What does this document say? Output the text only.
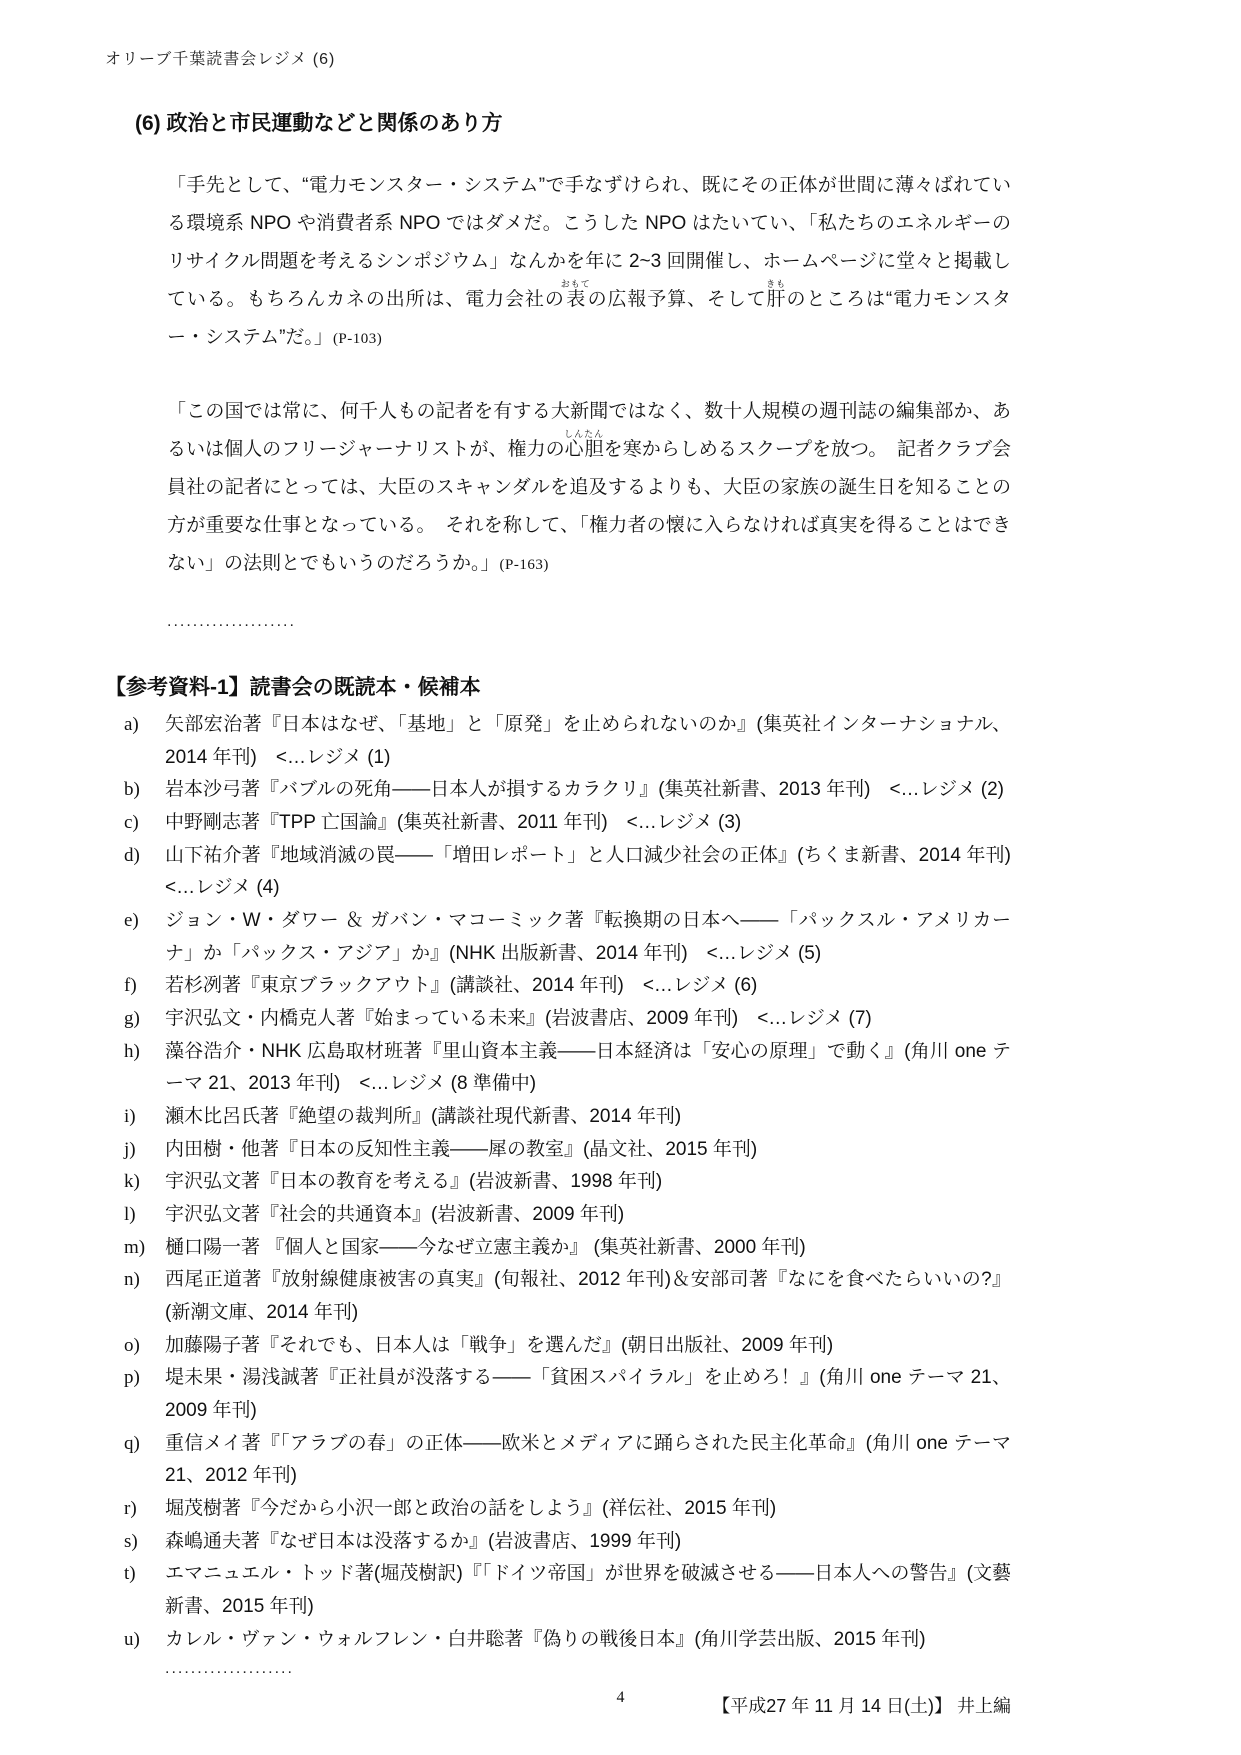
オリーブ千葉読書会レジメ (6)
(6) 政治と市民運動などと関係のあり方

「手先として、“電力モンスター・システム”で手なずけられ、既にその正体が世間に薄々ばれている環境系 NPO や消費者系 NPO ではダメだ。こうした NPO はたいてい、「私たちのエネルギーのリサイクル問題を考えるシンポジウム」なんかを年に 2~3 回開催し、ホームページに堂々と掲載している。もちろんカネの出所は、電力会社の表おもての広報予算、そして肝きものところは“電力モンスター・システム”だ。」(P-103)

「この国では常に、何千人もの記者を有する大新聞ではなく、数十人規模の週刊誌の編集部か、あるいは個人のフリージャーナリストが、権力の心胆しんたんを寒からしめるスクープを放つ。　記者クラブ会員社の記者にとっては、大臣のスキャンダルを追及するよりも、大臣の家族の誕生日を知ることの方が重要な仕事となっている。　それを称して、「権力者の懐に入らなければ真実を得ることはできない」の法則とでもいうのだろうか。」(P-163)

....................
【参考資料-1】読書会の既読本・候補本
a)	矢部宏治著『日本はなぜ、「基地」と「原発」を止められないのか』(集英社インターナショナル、2014 年刊)　<…レジメ (1)
b)	岩本沙弓著『バブルの死角――日本人が損するカラクリ』(集英社新書、2013 年刊)　<…レジメ (2)
c)	中野剛志著『TPP 亡国論』(集英社新書、2011 年刊)　<…レジメ (3)
d)	山下祐介著『地域消滅の罠――「増田レポート」と人口減少社会の正体』(ちくま新書、2014 年刊)　<…レジメ (4)
e)	ジョン・W・ダワー ＆ ガバン・マコーミック著『転換期の日本へ――「パックスル・アメリカーナ」か「パックス・アジア」か』(NHK 出版新書、2014 年刊)　<…レジメ (5)
f)	若杉冽著『東京ブラックアウト』(講談社、2014 年刊)　<…レジメ (6)
g)	宇沢弘文・内橋克人著『始まっている未来』(岩波書店、2009 年刊)　<…レジメ (7)
h)	藻谷浩介・NHK 広島取材班著『里山資本主義――日本経済は「安心の原理」で動く』(角川 one テーマ 21、2013 年刊)　<…レジメ (8 準備中)
i)	瀬木比呂氏著『絶望の裁判所』(講談社現代新書、2014 年刊)
j)	内田樹・他著『日本の反知性主義――犀の教室』(晶文社、2015 年刊)
k)	宇沢弘文著『日本の教育を考える』(岩波新書、1998 年刊)
l)	宇沢弘文著『社会的共通資本』(岩波新書、2009 年刊)
m)	樋口陽一著 『個人と国家――今なぜ立憲主義か』 (集英社新書、2000 年刊)
n)	西尾正道著『放射線健康被害の真実』(旬報社、2012 年刊)＆安部司著『なにを食べたらいいの?』(新潮文庫、2014 年刊)
o)	加藤陽子著『それでも、日本人は「戦争」を選んだ』(朝日出版社、2009 年刊)
p)	堤未果・湯浅誠著『正社員が没落する――「貧困スパイラル」を止めろ！』(角川 one テーマ 21、2009 年刊)
q)	重信メイ著『「アラブの春」の正体――欧米とメディアに踊らされた民主化革命』(角川 one テーマ 21、2012 年刊)
r)	堀茂樹著『今だから小沢一郎と政治の話をしよう』(祥伝社、2015 年刊)
s)	森嶋通夫著『なぜ日本は没落するか』(岩波書店、1999 年刊)
t)	エマニュエル・トッド著(堀茂樹訳)『「ドイツ帝国」が世界を破滅させる――日本人への警告』(文藝新書、2015 年刊)
u)	カレル・ヴァン・ウォルフレン・白井聡著『偽りの戦後日本』(角川学芸出版、2015 年刊)
....................
【平成27 年 11 月 14 日(土)】 井上編
4
